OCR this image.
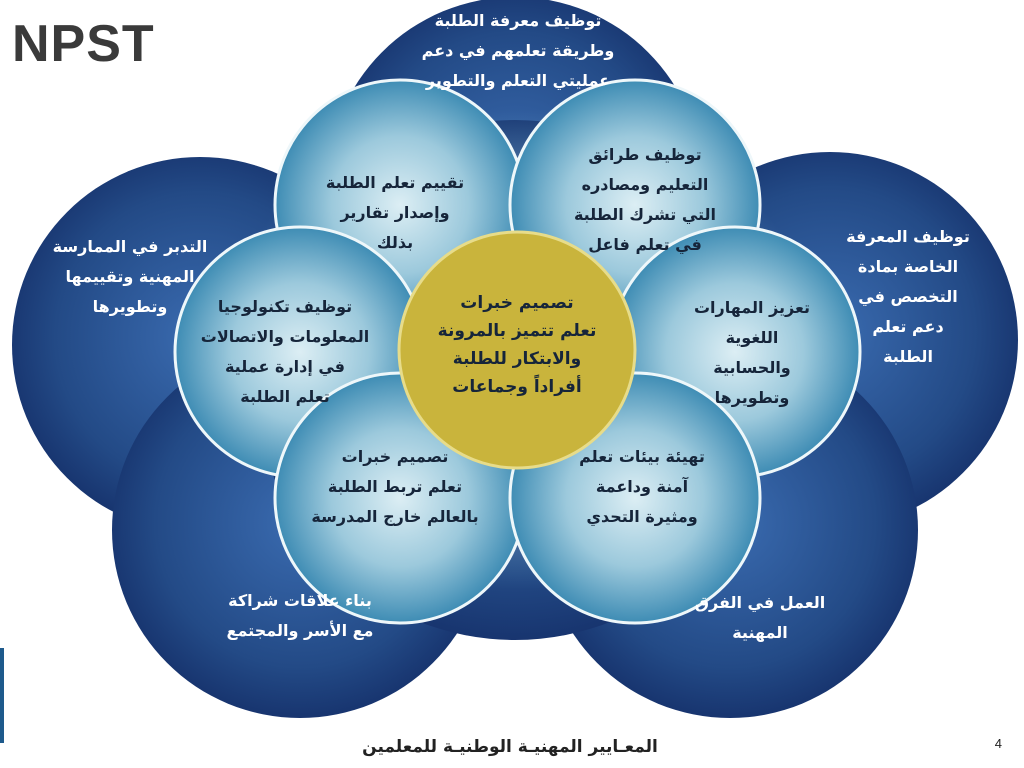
NPST
تصميم خبرات
تعلم تتميز بالمرونة
والابتكار للطلبة
أفراداً وجماعات
تقييم تعلم الطلبة
وإصدار تقارير
بذلك
توظيف طرائق
التعليم ومصادره
التي تشرك الطلبة
في تعلم فاعل
تعزيز المهارات
اللغوية
والحسابية
وتطويرها
تهيئة بيئات تعلم
آمنة وداعمة
ومثيرة التحدي
تصميم خبرات
تعلم تربط الطلبة
بالعالم خارج المدرسة
توظيف تكنولوجيا
المعلومات والاتصالات
في إدارة عملية
تعلم الطلبة
توظيف معرفة الطلبة
وطريقة تعلمهم في دعم
عمليتي التعلم والتطوير
توظيف المعرفة
الخاصة بمادة
التخصص في
دعم تعلم
الطلبة
التدبر في الممارسة
المهنية وتقييمها
وتطويرها
بناء علاقات شراكة
مع الأسر والمجتمع
العمل في الفرق
المهنية
المعـايير المهنيـة الوطنيـة للمعلمين	4
